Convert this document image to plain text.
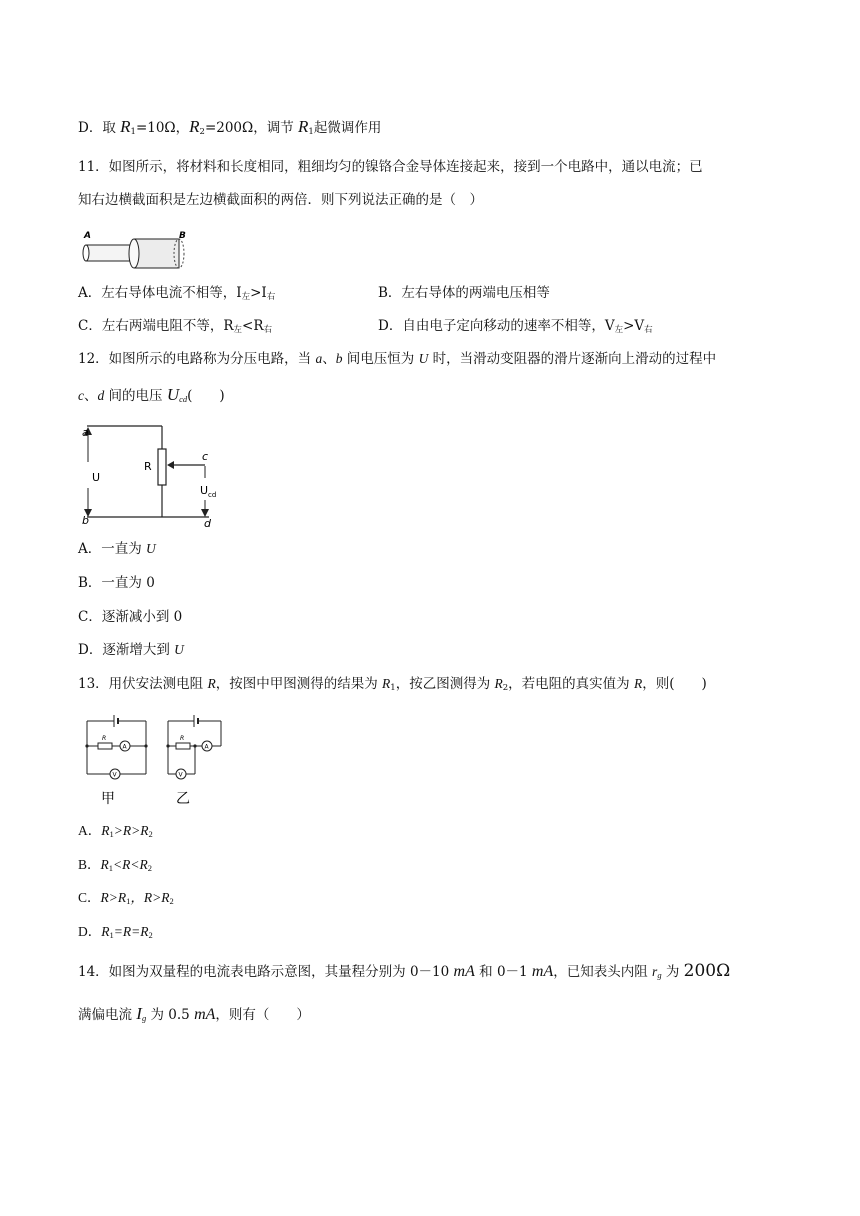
D．取 $R_1=10\Omega$，$R_2=200\Omega$，调节 $R_1$起微调作用
11．如图所示，将材料和长度相同，粗细均匀的镍铬合金导体连接起来，接到一个电路中，通以电流；已
知右边横截面积是左边横截面积的两倍．则下列说法正确的是（　）
A	B
A．左右导体电流不相等，$I_左>I_右$	B．左右导体的两端电压相等
C．左右两端电阻不等，$R_左<R_右$	D．自由电子定向移动的速率不相等，$V_左>V_右$
12．如图所示的电路称为分压电路，当 a、b 间电压恒为 U 时，当滑动变阻器的滑片逐渐向上滑动的过程中
c、d 间的电压 $U_{cd}$(　　)
a
U
b
R
c
U cd
d
A．一直为 U
B．一直为 0
C．逐渐减小到 0
D．逐渐增大到 U
13．用伏安法测电阻 R，按图中甲图测得的结果为 $R_1$，按乙图测得为 $R_2$，若电阻的真实值为 R，则(　　)
R
A
V
甲
R
A
V
乙
A．$R_1>R>R_2$
B．$R_1<R<R_2$
C．$R>R_1$，$R>R_2$
D．$R_1=R=R_2$
14．如图为双量程的电流表电路示意图，其量程分别为 0－10 mA 和 0－1 mA，已知表头内阻 $r_g$ 为 200Ω
满偏电流 $I_g$ 为 0.5 mA，则有（　　）
